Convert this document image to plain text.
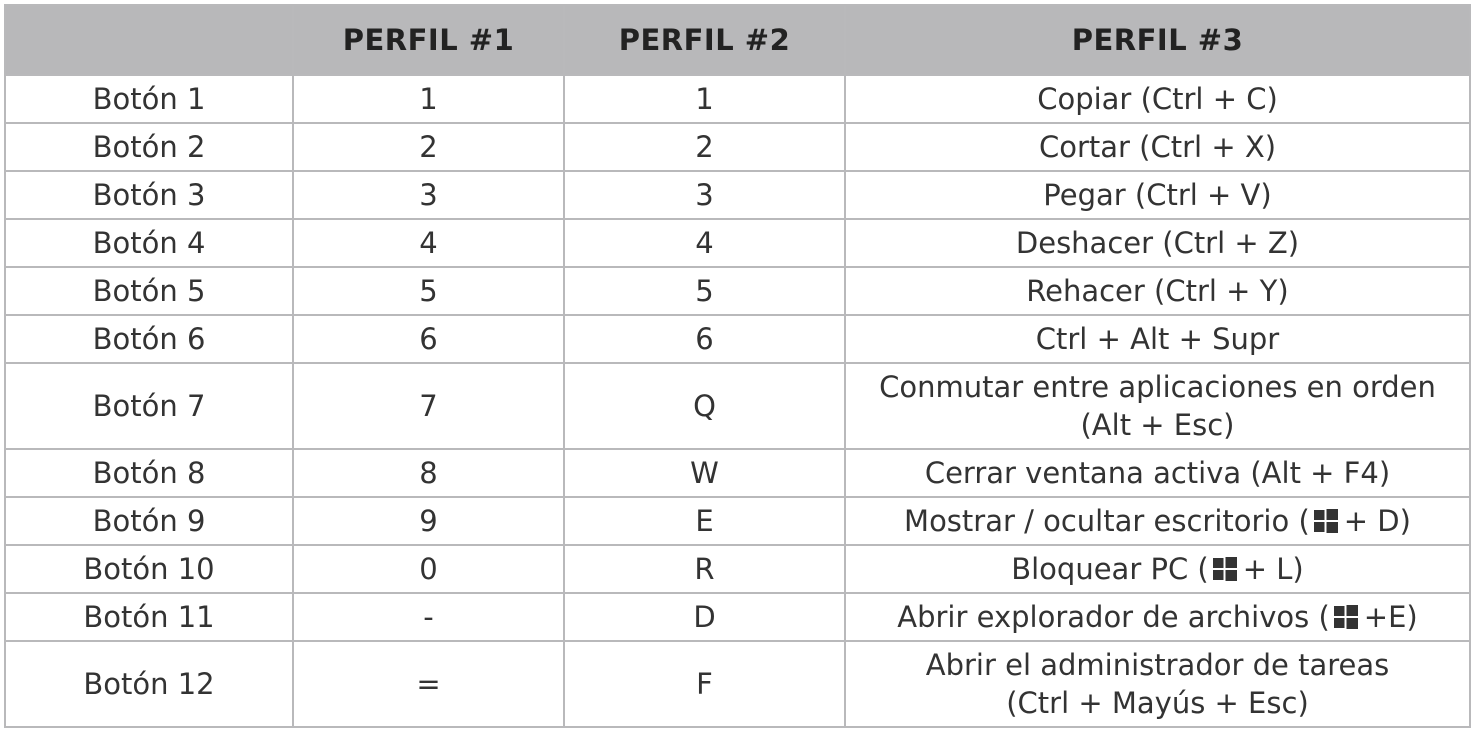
	PERFIL #1	PERFIL #2	PERFIL #3
Botón 1	1	1	Copiar (Ctrl + C)
Botón 2	2	2	Cortar (Ctrl + X)
Botón 3	3	3	Pegar (Ctrl + V)
Botón 4	4	4	Deshacer (Ctrl + Z)
Botón 5	5	5	Rehacer (Ctrl + Y)
Botón 6	6	6	Ctrl + Alt + Supr
Botón 7	7	Q	Conmutar entre aplicaciones en orden
(Alt + Esc)

Botón 8	8	W	Cerrar ventana activa (Alt + F4)
Botón 9	9	E	Mostrar / ocultar escritorio ( + D)
Botón 10	0	R	Bloquear PC ( + L)
Botón 11	-	D	Abrir explorador de archivos ( +E)
Botón 12	=	F	Abrir el administrador de tareas
(Ctrl + Mayús + Esc)
